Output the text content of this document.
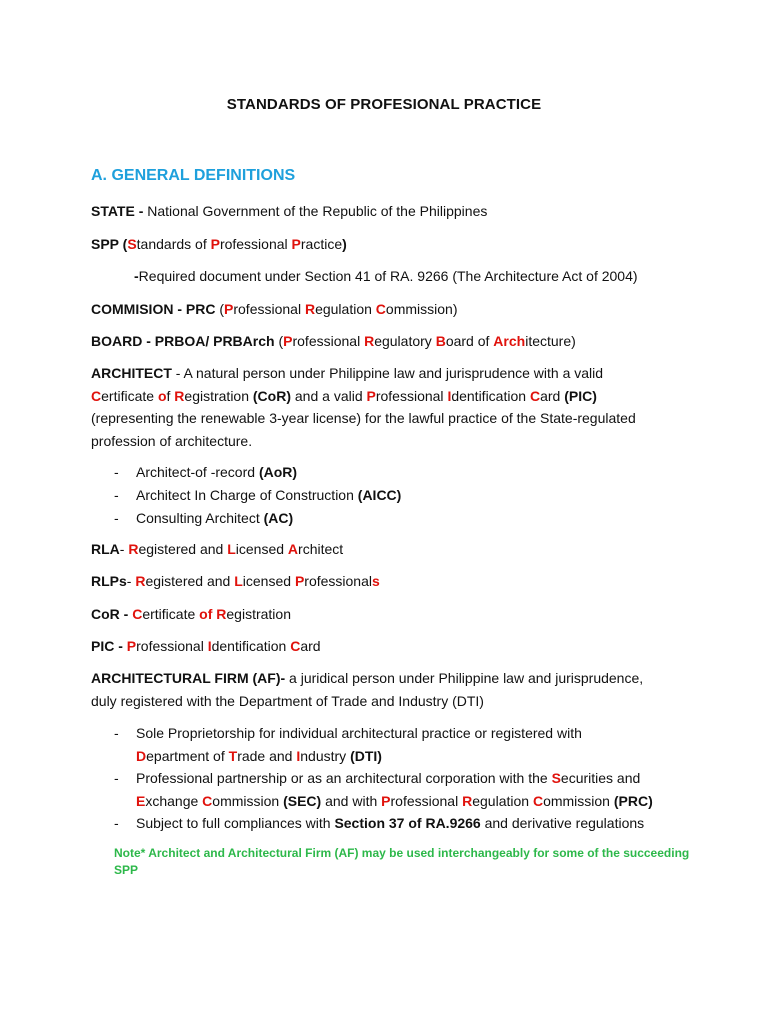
STANDARDS OF PROFESIONAL PRACTICE
A. GENERAL DEFINITIONS
STATE - National Government of the Republic of the Philippines
SPP (Standards of Professional Practice)
-Required document under Section 41 of RA. 9266 (The Architecture Act of 2004)
COMMISION - PRC (Professional Regulation Commission)
BOARD - PRBOA/ PRBArch (Professional Regulatory Board of Architecture)
ARCHITECT - A natural person under Philippine law and jurisprudence with a valid
Certificate of Registration (CoR) and a valid Professional Identification Card (PIC)
(representing the renewable 3-year license) for the lawful practice of the State-regulated
profession of architecture.
- Architect-of -record (AoR)
- Architect In Charge of Construction (AICC)
- Consulting Architect (AC)
RLA- Registered and Licensed Architect
RLPs- Registered and Licensed Professionals
CoR - Certificate of Registration
PIC - Professional Identification Card
ARCHITECTURAL FIRM (AF)- a juridical person under Philippine law and jurisprudence,
duly registered with the Department of Trade and Industry (DTI)
- Sole Proprietorship for individual architectural practice or registered with
Department of Trade and Industry (DTI)
- Professional partnership or as an architectural corporation with the Securities and
Exchange Commission (SEC) and with Professional Regulation Commission (PRC)
- Subject to full compliances with Section 37 of RA.9266 and derivative regulations
Note* Architect and Architectural Firm (AF) may be used interchangeably for some of the succeeding
SPP
